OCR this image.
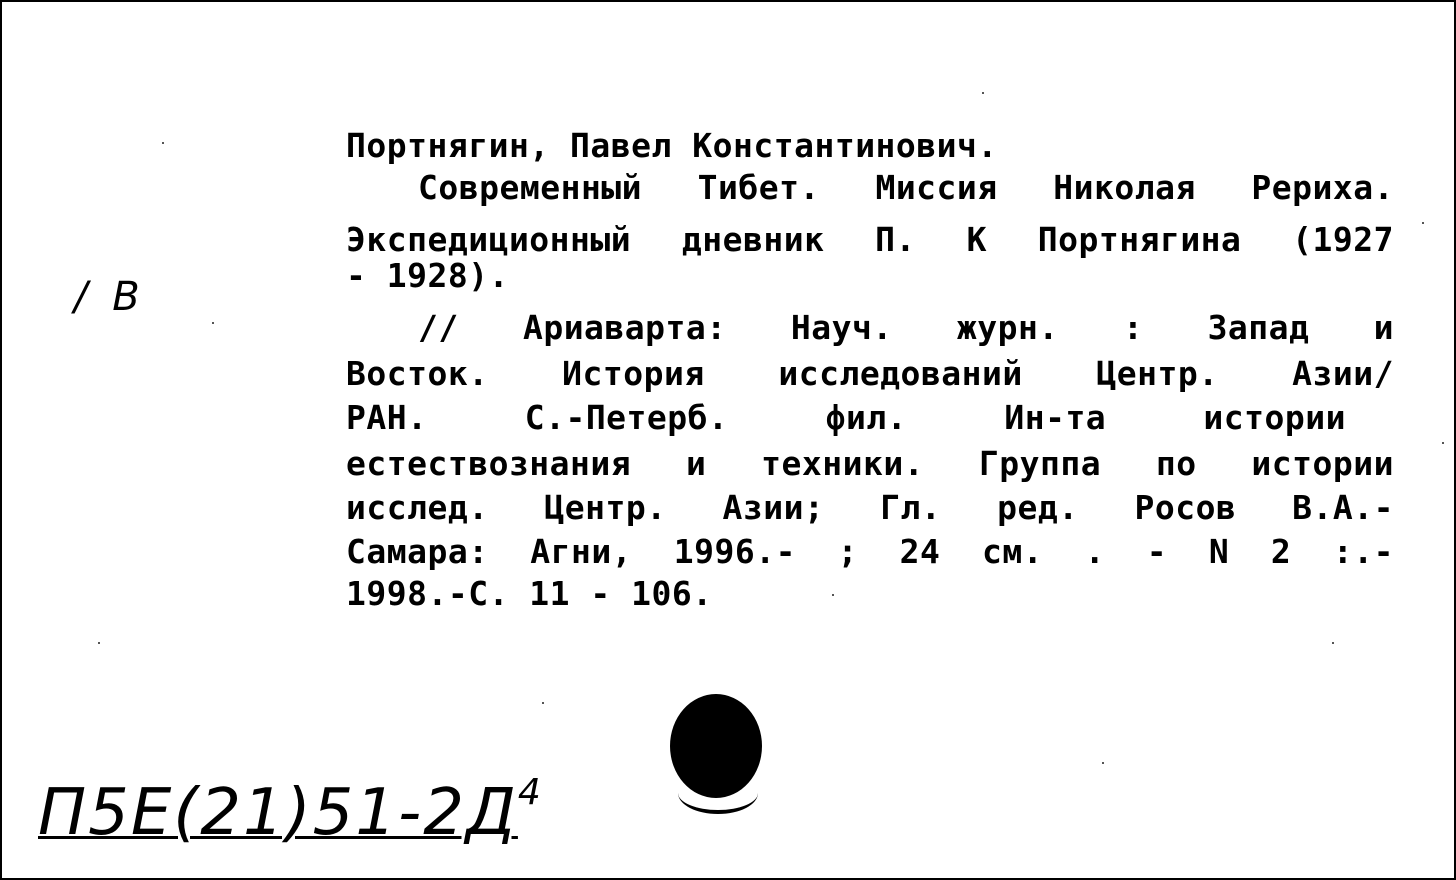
Портнягин, Павел Константинович.
Современный Тибет. Миссия Николая Рериха.
Экспедиционный дневник П. К Портнягина (1927
- 1928).
// Ариаварта: Науч. журн. : Запад и
Восток. История исследований Центр. Азии/
РАН. С.-Петерб. фил. Ин-та истории
естествознания и техники. Группа по истории
исслед. Центр. Азии; Гл. ред. Росов В.А.-
Самара: Агни, 1996.- ; 24 см. . - N 2 :.-
1998.-С. 11 - 106.
/ В
$П5Е(21)51-2Д^4$
